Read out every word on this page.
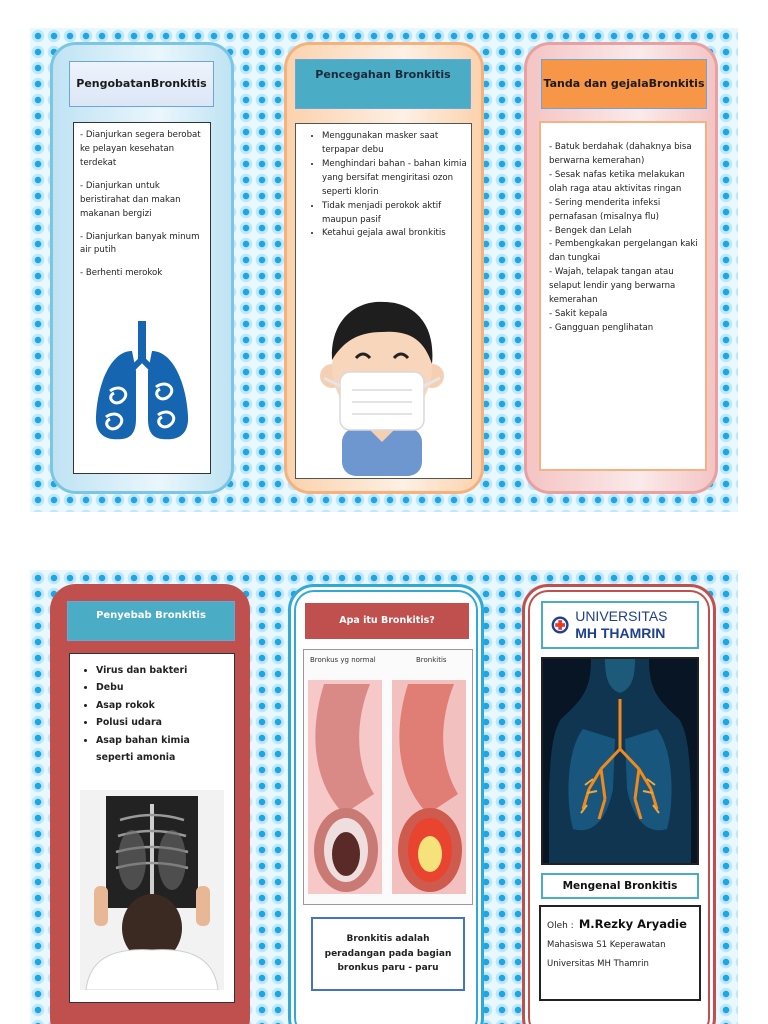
PengobatanBronkitis

- Dianjurkan segera berobat ke pelayan kesehatan terdekat

- Dianjurkan untuk beristirahat dan makan makanan bergizi

- Dianjurkan banyak minum air putih

- Berhenti merokok

Pencegahan Bronkitis
• Menggunakan masker saat terpapar debu
• Menghindari bahan - bahan kimia yang bersifat mengiritasi ozon seperti klorin
• Tidak menjadi perokok aktif maupun pasif
• Ketahui gejala awal bronkitis
Tanda dan gejalaBronkitis
- Batuk berdahak (dahaknya bisa berwarna kemerahan)
- Sesak nafas ketika melakukan olah raga atau aktivitas ringan
- Sering menderita infeksi pernafasan (misalnya flu)
- Bengek dan Lelah
- Pembengkakan pergelangan kaki dan tungkai
- Wajah, telapak tangan atau selaput lendir yang berwarna kemerahan
- Sakit kepala
- Gangguan penglihatan
Penyebab Bronkitis
• Virus dan bakteri
• Debu
• Asap rokok
• Polusi udara
• Asap bahan kimia seperti amonia
Apa itu Bronkitis?
Bronkus yg normal	Bronkitis
Bronkitis adalah peradangan pada bagian bronkus paru - paru
UNIVERSITAS MH THAMRIN
Mengenal Bronkitis
Oleh : M.Rezky Aryadie Mahasiswa S1 Keperawatan Universitas MH Thamrin
